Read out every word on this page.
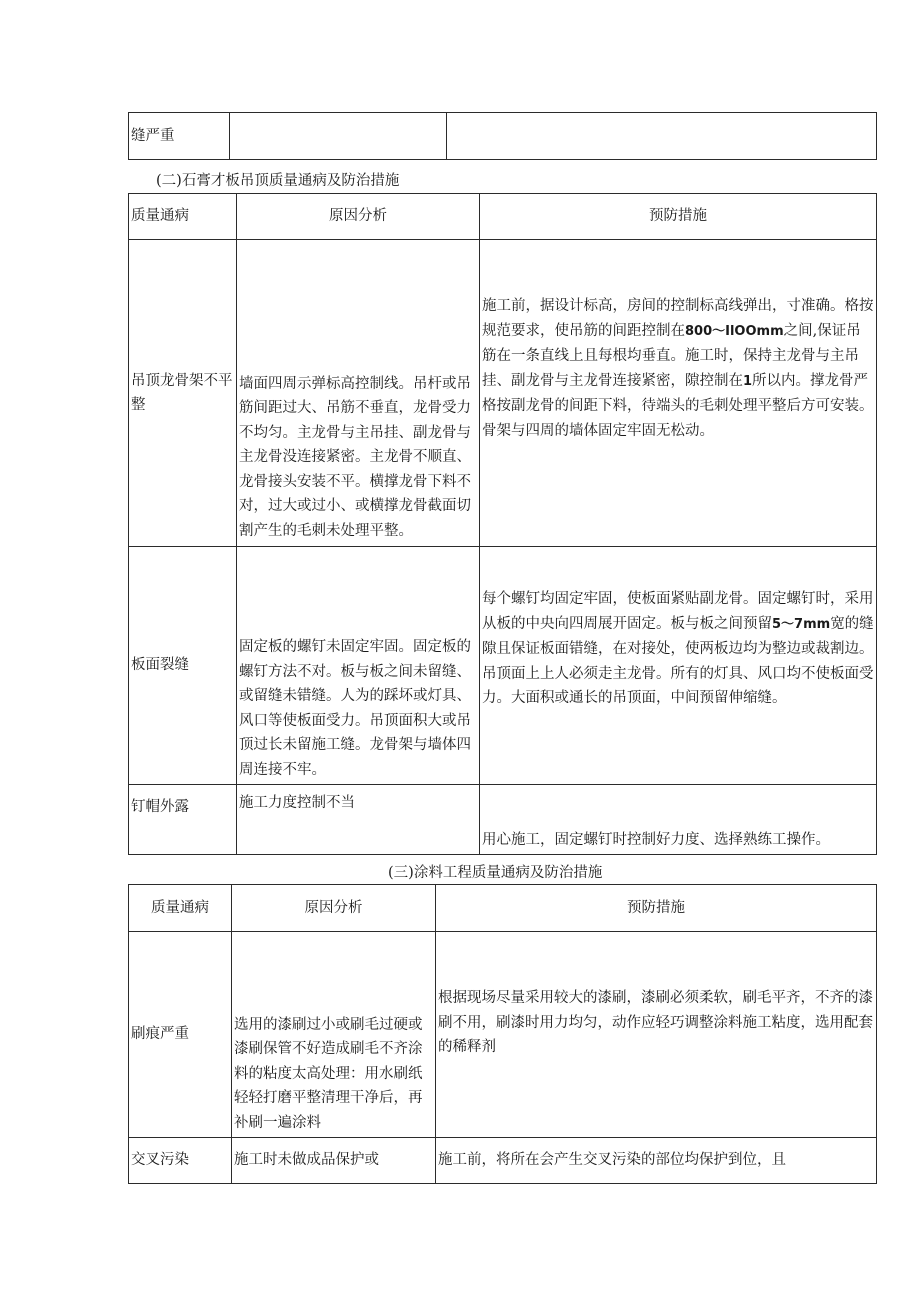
缝严重		
(二)石膏才板吊顶质量通病及防治措施
质量通病	原因分析	预防措施
吊顶龙骨架不平整	墙面四周示弹标高控制线。吊杆或吊筋间距过大、吊筋不垂直，龙骨受力不均匀。主龙骨与主吊挂、副龙骨与主龙骨没连接紧密。主龙骨不顺直、龙骨接头安装不平。横撑龙骨下料不对，过大或过小、或横撑龙骨截面切割产生的毛刺未处理平整。	施工前，据设计标高，房间的控制标高线弹出，寸准确。格按规范要求，使吊筋的间距控制在800〜IlOOmm之间,保证吊筋在一条直线上且每根均垂直。施工时，保持主龙骨与主吊挂、副龙骨与主龙骨连接紧密，隙控制在1所以内。撑龙骨严格按副龙骨的间距下料，待端头的毛刺处理平整后方可安装。骨架与四周的墙体固定牢固无松动。
板面裂缝	固定板的螺钉未固定牢固。固定板的螺钉方法不对。板与板之间未留缝、或留缝未错缝。人为的踩坏或灯具、风口等使板面受力。吊顶面积大或吊顶过长未留施工缝。龙骨架与墙体四周连接不牢。	每个螺钉均固定牢固，使板面紧贴副龙骨。固定螺钉时，采用从板的中央向四周展开固定。板与板之间预留5〜7mm宽的缝隙且保证板面错缝，在对接处，使两板边均为整边或裁割边。吊顶面上上人必须走主龙骨。所有的灯具、风口均不使板面受力。大面积或通长的吊顶面，中间预留伸缩缝。
钉帽外露	施工力度控制不当	用心施工，固定螺钉时控制好力度、选择熟练工操作。
(三)涂料工程质量通病及防治措施
质量通病	原因分析	预防措施
刷痕严重	选用的漆刷过小或刷毛过硬或漆刷保管不好造成刷毛不齐涂料的粘度太高处理：用水刷纸轻轻打磨平整清理干净后，再补刷一遍涂料	根据现场尽量采用较大的漆刷，漆刷必须柔软，刷毛平齐，不齐的漆刷不用，刷漆时用力均匀，动作应轻巧调整涂料施工粘度，选用配套的稀释剂
交叉污染	施工时未做成品保护或	施工前，将所在会产生交叉污染的部位均保护到位，且
